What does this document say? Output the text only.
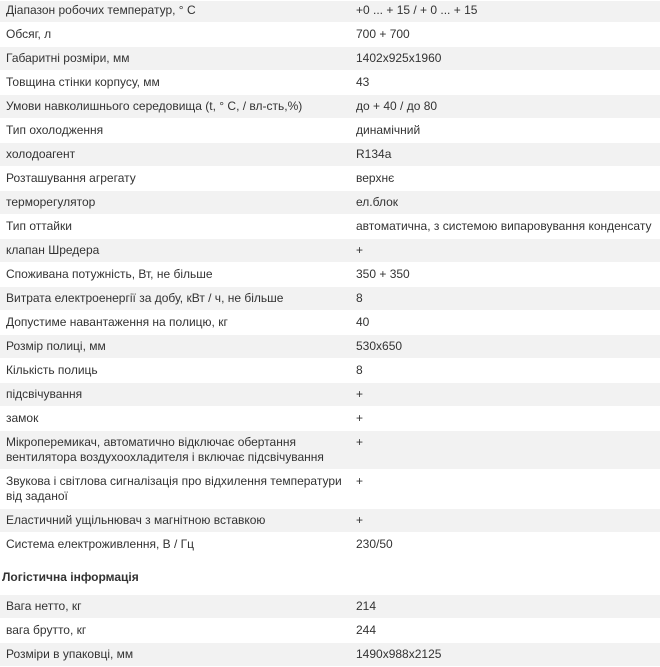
Діапазон робочих температур, ° С	+0 ... + 15 / + 0 ... + 15
Обсяг, л	700 + 700
Габаритні розміри, мм	1402x925x1960
Товщина стінки корпусу, мм	43
Умови навколишнього середовища (t, ° С, / вл-сть,%)	до + 40 / до 80
Тип охолодження	динамічний
холодоагент	R134a
Розташування агрегату	верхнє
терморегулятор	ел.блок
Тип оттайки	автоматична, з системою випаровування конденсату
клапан Шредера	+
Споживана потужність, Вт, не більше	350 + 350
Витрата електроенергії за добу, кВт / ч, не більше	8
Допустиме навантаження на полицю, кг	40
Розмір полиці, мм	530x650
Кількість полиць	8
підсвічування	+
замок	+
Мікроперемикач, автоматично відключає обертання вентилятора воздухоохладителя і включає підсвічування	+
Звукова і світлова сигналізація про відхилення температури від заданої	+
Еластичний ущільнювач з магнітною вставкою	+
Система електроживлення, В / Гц	230/50
Логістична інформація
Вага нетто, кг	214
вага брутто, кг	244
Розміри в упаковці, мм	1490x988x2125
